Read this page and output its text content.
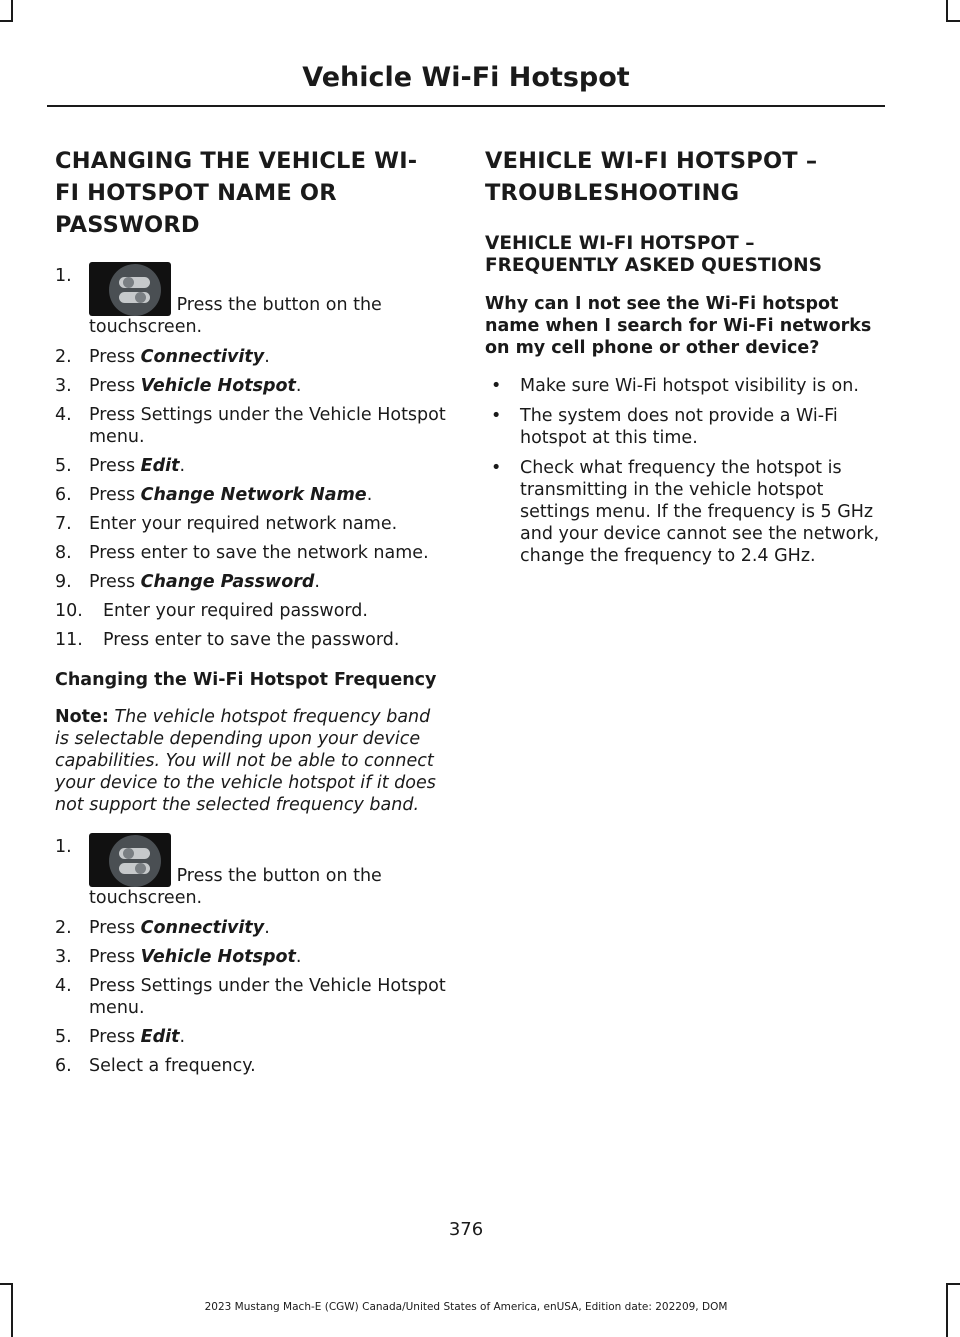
Vehicle Wi-Fi Hotspot
CHANGING THE VEHICLE WI-
FI HOTSPOT NAME OR
PASSWORD
1.
Press the button on the touchscreen.
2. Press Connectivity.
3. Press Vehicle Hotspot.
4. Press Settings under the Vehicle Hotspot menu.
5. Press Edit.
6. Press Change Network Name.
7. Enter your required network name.
8. Press enter to save the network name.
9. Press Change Password.
10. Enter your required password.
11. Press enter to save the password.
Changing the Wi-Fi Hotspot Frequency

Note: The vehicle hotspot frequency band is selectable depending upon your device capabilities. You will not be able to connect your device to the vehicle hotspot if it does not support the selected frequency band.

1.
Press the button on the touchscreen.
2. Press Connectivity.
3. Press Vehicle Hotspot.
4. Press Settings under the Vehicle Hotspot menu.
5. Press Edit.
6. Select a frequency.
VEHICLE WI-FI HOTSPOT –
TROUBLESHOOTING
VEHICLE WI-FI HOTSPOT – FREQUENTLY ASKED QUESTIONS
Why can I not see the Wi-Fi hotspot name when I search for Wi-Fi networks on my cell phone or other device?
• Make sure Wi-Fi hotspot visibility is on.
• The system does not provide a Wi-Fi hotspot at this time.
• Check what frequency the hotspot is transmitting in the vehicle hotspot settings menu. If the frequency is 5 GHz and your device cannot see the network, change the frequency to 2.4 GHz.
376
2023 Mustang Mach-E (CGW) Canada/United States of America, enUSA, Edition date: 202209, DOM
